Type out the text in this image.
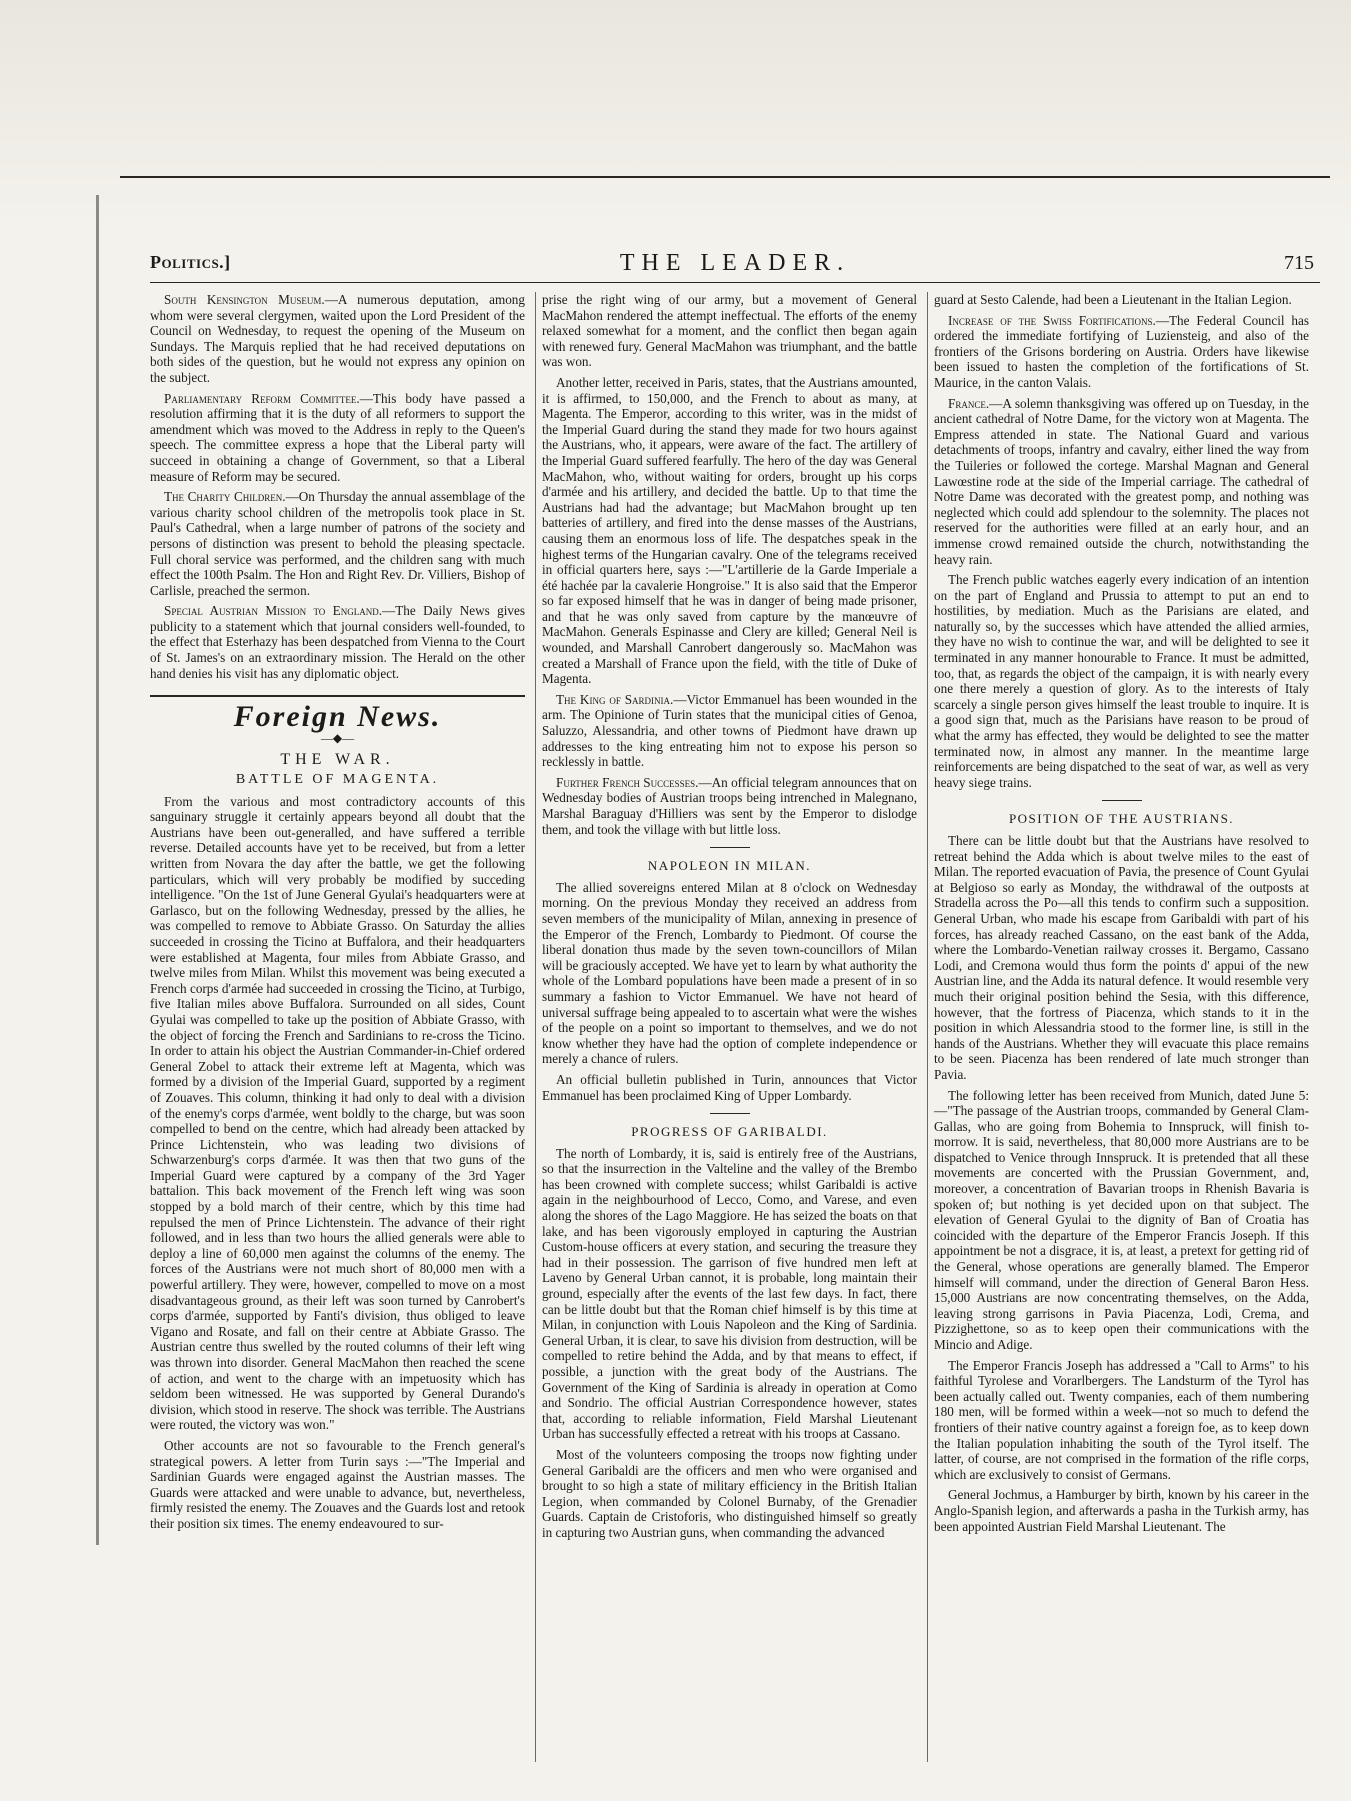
Politics.]	THE LEADER.	715

South Kensington Museum.—A numerous deputation, among whom were several clergymen, waited upon the Lord President of the Council on Wednesday, to request the opening of the Museum on Sundays. The Marquis replied that he had received deputations on both sides of the question, but he would not express any opinion on the subject.

Parliamentary Reform Committee.—This body have passed a resolution affirming that it is the duty of all reformers to support the amendment which was moved to the Address in reply to the Queen's speech. The committee express a hope that the Liberal party will succeed in obtaining a change of Government, so that a Liberal measure of Reform may be secured.

The Charity Children.—On Thursday the annual assemblage of the various charity school children of the metropolis took place in St. Paul's Cathedral, when a large number of patrons of the society and persons of distinction was present to behold the pleasing spectacle. Full choral service was performed, and the children sang with much effect the 100th Psalm. The Hon and Right Rev. Dr. Villiers, Bishop of Carlisle, preached the sermon.

Special Austrian Mission to England.—The Daily News gives publicity to a statement which that journal considers well-founded, to the effect that Esterhazy has been despatched from Vienna to the Court of St. James's on an extraordinary mission. The Herald on the other hand denies his visit has any diplomatic object.

Foreign News.
—◆—
THE WAR.
BATTLE OF MAGENTA.

From the various and most contradictory accounts of this sanguinary struggle it certainly appears beyond all doubt that the Austrians have been out-generalled, and have suffered a terrible reverse. Detailed accounts have yet to be received, but from a letter written from Novara the day after the battle, we get the following particulars, which will very probably be modified by succeding intelligence. "On the 1st of June General Gyulai's headquarters were at Garlasco, but on the following Wednesday, pressed by the allies, he was compelled to remove to Abbiate Grasso. On Saturday the allies succeeded in crossing the Ticino at Buffalora, and their headquarters were established at Magenta, four miles from Abbiate Grasso, and twelve miles from Milan. Whilst this movement was being executed a French corps d'armée had succeeded in crossing the Ticino, at Turbigo, five Italian miles above Buffalora. Surrounded on all sides, Count Gyulai was compelled to take up the position of Abbiate Grasso, with the object of forcing the French and Sardinians to re-cross the Ticino. In order to attain his object the Austrian Commander-in-Chief ordered General Zobel to attack their extreme left at Magenta, which was formed by a division of the Imperial Guard, supported by a regiment of Zouaves. This column, thinking it had only to deal with a division of the enemy's corps d'armée, went boldly to the charge, but was soon compelled to bend on the centre, which had already been attacked by Prince Lichtenstein, who was leading two divisions of Schwarzenburg's corps d'armée. It was then that two guns of the Imperial Guard were captured by a company of the 3rd Yager battalion. This back movement of the French left wing was soon stopped by a bold march of their centre, which by this time had repulsed the men of Prince Lichtenstein. The advance of their right followed, and in less than two hours the allied generals were able to deploy a line of 60,000 men against the columns of the enemy. The forces of the Austrians were not much short of 80,000 men with a powerful artillery. They were, however, compelled to move on a most disadvantageous ground, as their left was soon turned by Canrobert's corps d'armée, supported by Fanti's division, thus obliged to leave Vigano and Rosate, and fall on their centre at Abbiate Grasso. The Austrian centre thus swelled by the routed columns of their left wing was thrown into disorder. General MacMahon then reached the scene of action, and went to the charge with an impetuosity which has seldom been witnessed. He was supported by General Durando's division, which stood in reserve. The shock was terrible. The Austrians were routed, the victory was won."

Other accounts are not so favourable to the French general's strategical powers. A letter from Turin says :—"The Imperial and Sardinian Guards were engaged against the Austrian masses. The Guards were attacked and were unable to advance, but, nevertheless, firmly resisted the enemy. The Zouaves and the Guards lost and retook their position six times. The enemy endeavoured to sur-

prise the right wing of our army, but a movement of General MacMahon rendered the attempt ineffectual. The efforts of the enemy relaxed somewhat for a moment, and the conflict then began again with renewed fury. General MacMahon was triumphant, and the battle was won.

Another letter, received in Paris, states, that the Austrians amounted, it is affirmed, to 150,000, and the French to about as many, at Magenta. The Emperor, according to this writer, was in the midst of the Imperial Guard during the stand they made for two hours against the Austrians, who, it appears, were aware of the fact. The artillery of the Imperial Guard suffered fearfully. The hero of the day was General MacMahon, who, without waiting for orders, brought up his corps d'armée and his artillery, and decided the battle. Up to that time the Austrians had had the advantage; but MacMahon brought up ten batteries of artillery, and fired into the dense masses of the Austrians, causing them an enormous loss of life. The despatches speak in the highest terms of the Hungarian cavalry. One of the telegrams received in official quarters here, says :—"L'artillerie de la Garde Imperiale a été hachée par la cavalerie Hongroise." It is also said that the Emperor so far exposed himself that he was in danger of being made prisoner, and that he was only saved from capture by the manœuvre of MacMahon. Generals Espinasse and Clery are killed; General Neil is wounded, and Marshall Canrobert dangerously so. MacMahon was created a Marshall of France upon the field, with the title of Duke of Magenta.

The King of Sardinia.—Victor Emmanuel has been wounded in the arm. The Opinione of Turin states that the municipal cities of Genoa, Saluzzo, Alessandria, and other towns of Piedmont have drawn up addresses to the king entreating him not to expose his person so recklessly in battle.

Further French Successes.—An official telegram announces that on Wednesday bodies of Austrian troops being intrenched in Malegnano, Marshal Baraguay d'Hilliers was sent by the Emperor to dislodge them, and took the village with but little loss.

NAPOLEON IN MILAN.

The allied sovereigns entered Milan at 8 o'clock on Wednesday morning. On the previous Monday they received an address from seven members of the municipality of Milan, annexing in presence of the Emperor of the French, Lombardy to Piedmont. Of course the liberal donation thus made by the seven town-councillors of Milan will be graciously accepted. We have yet to learn by what authority the whole of the Lombard populations have been made a present of in so summary a fashion to Victor Emmanuel. We have not heard of universal suffrage being appealed to to ascertain what were the wishes of the people on a point so important to themselves, and we do not know whether they have had the option of complete independence or merely a chance of rulers.

An official bulletin published in Turin, announces that Victor Emmanuel has been proclaimed King of Upper Lombardy.

PROGRESS OF GARIBALDI.

The north of Lombardy, it is, said is entirely free of the Austrians, so that the insurrection in the Valteline and the valley of the Brembo has been crowned with complete success; whilst Garibaldi is active again in the neighbourhood of Lecco, Como, and Varese, and even along the shores of the Lago Maggiore. He has seized the boats on that lake, and has been vigorously employed in capturing the Austrian Custom-house officers at every station, and securing the treasure they had in their possession. The garrison of five hundred men left at Laveno by General Urban cannot, it is probable, long maintain their ground, especially after the events of the last few days. In fact, there can be little doubt but that the Roman chief himself is by this time at Milan, in conjunction with Louis Napoleon and the King of Sardinia. General Urban, it is clear, to save his division from destruction, will be compelled to retire behind the Adda, and by that means to effect, if possible, a junction with the great body of the Austrians. The Government of the King of Sardinia is already in operation at Como and Sondrio. The official Austrian Correspondence however, states that, according to reliable information, Field Marshal Lieutenant Urban has successfully effected a retreat with his troops at Cassano.

Most of the volunteers composing the troops now fighting under General Garibaldi are the officers and men who were organised and brought to so high a state of military efficiency in the British Italian Legion, when commanded by Colonel Burnaby, of the Grenadier Guards. Captain de Cristoforis, who distinguished himself so greatly in capturing two Austrian guns, when commanding the advanced

guard at Sesto Calende, had been a Lieutenant in the Italian Legion.

Increase of the Swiss Fortifications.—The Federal Council has ordered the immediate fortifying of Luziensteig, and also of the frontiers of the Grisons bordering on Austria. Orders have likewise been issued to hasten the completion of the fortifications of St. Maurice, in the canton Valais.

France.—A solemn thanksgiving was offered up on Tuesday, in the ancient cathedral of Notre Dame, for the victory won at Magenta. The Empress attended in state. The National Guard and various detachments of troops, infantry and cavalry, either lined the way from the Tuileries or followed the cortege. Marshal Magnan and General Lawœstine rode at the side of the Imperial carriage. The cathedral of Notre Dame was decorated with the greatest pomp, and nothing was neglected which could add splendour to the solemnity. The places not reserved for the authorities were filled at an early hour, and an immense crowd remained outside the church, notwithstanding the heavy rain.

The French public watches eagerly every indication of an intention on the part of England and Prussia to attempt to put an end to hostilities, by mediation. Much as the Parisians are elated, and naturally so, by the successes which have attended the allied armies, they have no wish to continue the war, and will be delighted to see it terminated in any manner honourable to France. It must be admitted, too, that, as regards the object of the campaign, it is with nearly every one there merely a question of glory. As to the interests of Italy scarcely a single person gives himself the least trouble to inquire. It is a good sign that, much as the Parisians have reason to be proud of what the army has effected, they would be delighted to see the matter terminated now, in almost any manner. In the meantime large reinforcements are being dispatched to the seat of war, as well as very heavy siege trains.

POSITION OF THE AUSTRIANS.

There can be little doubt but that the Austrians have resolved to retreat behind the Adda which is about twelve miles to the east of Milan. The reported evacuation of Pavia, the presence of Count Gyulai at Belgioso so early as Monday, the withdrawal of the outposts at Stradella across the Po—all this tends to confirm such a supposition. General Urban, who made his escape from Garibaldi with part of his forces, has already reached Cassano, on the east bank of the Adda, where the Lombardo-Venetian railway crosses it. Bergamo, Cassano Lodi, and Cremona would thus form the points d' appui of the new Austrian line, and the Adda its natural defence. It would resemble very much their original position behind the Sesia, with this difference, however, that the fortress of Piacenza, which stands to it in the position in which Alessandria stood to the former line, is still in the hands of the Austrians. Whether they will evacuate this place remains to be seen. Piacenza has been rendered of late much stronger than Pavia.

The following letter has been received from Munich, dated June 5:—"The passage of the Austrian troops, commanded by General Clam-Gallas, who are going from Bohemia to Innspruck, will finish to-morrow. It is said, nevertheless, that 80,000 more Austrians are to be dispatched to Venice through Innspruck. It is pretended that all these movements are concerted with the Prussian Government, and, moreover, a concentration of Bavarian troops in Rhenish Bavaria is spoken of; but nothing is yet decided upon on that subject. The elevation of General Gyulai to the dignity of Ban of Croatia has coincided with the departure of the Emperor Francis Joseph. If this appointment be not a disgrace, it is, at least, a pretext for getting rid of the General, whose operations are generally blamed. The Emperor himself will command, under the direction of General Baron Hess. 15,000 Austrians are now concentrating themselves, on the Adda, leaving strong garrisons in Pavia Piacenza, Lodi, Crema, and Pizzighettone, so as to keep open their communications with the Mincio and Adige.

The Emperor Francis Joseph has addressed a "Call to Arms" to his faithful Tyrolese and Vorarlbergers. The Landsturm of the Tyrol has been actually called out. Twenty companies, each of them numbering 180 men, will be formed within a week—not so much to defend the frontiers of their native country against a foreign foe, as to keep down the Italian population inhabiting the south of the Tyrol itself. The latter, of course, are not comprised in the formation of the rifle corps, which are exclusively to consist of Germans.

General Jochmus, a Hamburger by birth, known by his career in the Anglo-Spanish legion, and afterwards a pasha in the Turkish army, has been appointed Austrian Field Marshal Lieutenant. The
